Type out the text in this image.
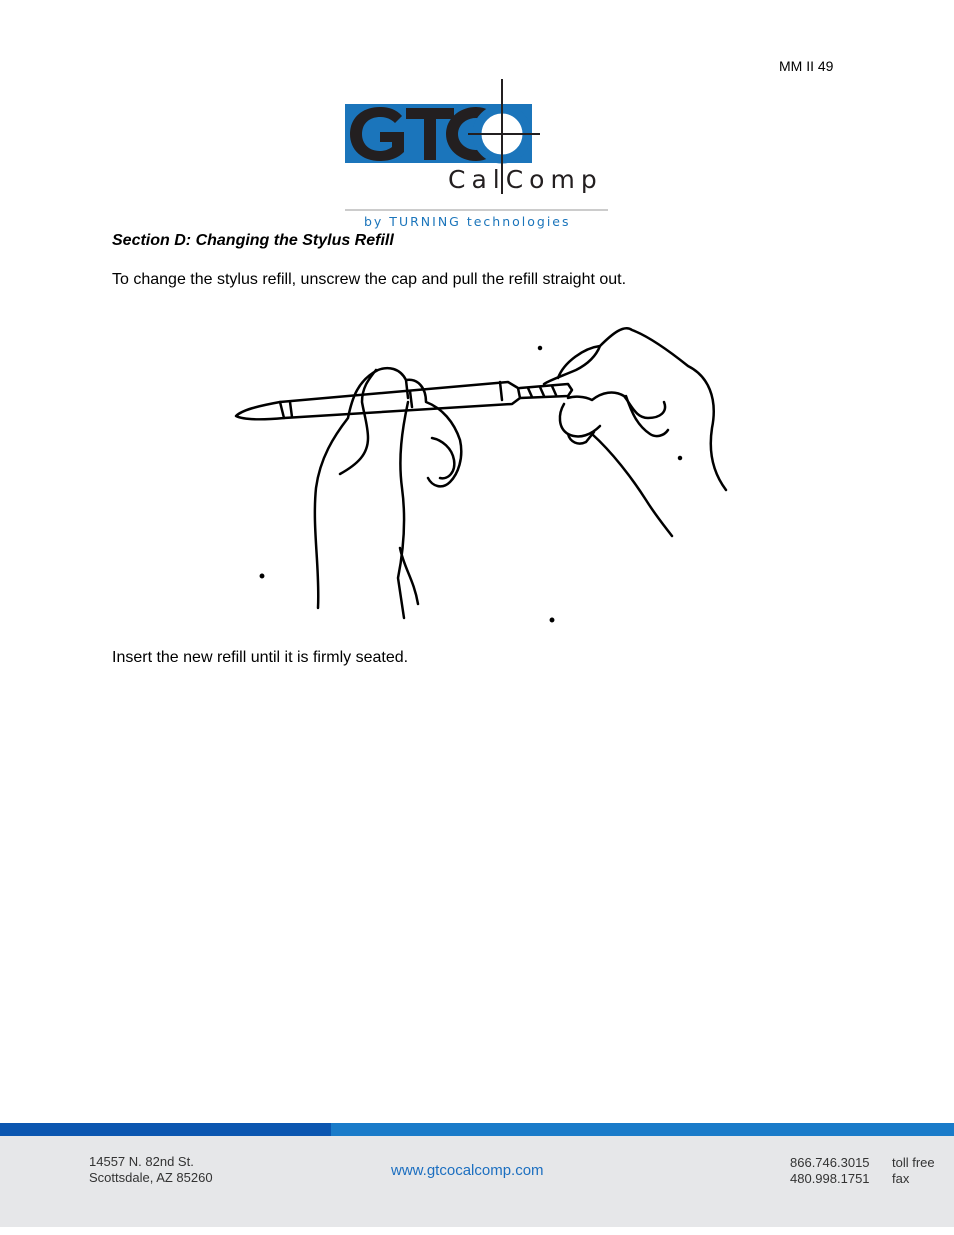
MM II 49
CalComp
by TURNING technologies
Section D: Changing the Stylus Refill
To change the stylus refill, unscrew the cap and pull the refill straight out.
Insert the new refill until it is firmly seated.
14557 N. 82nd St.
Scottsdale, AZ 85260	www.gtcocalcomp.com	866.746.3015 toll free
480.998.1751 fax
